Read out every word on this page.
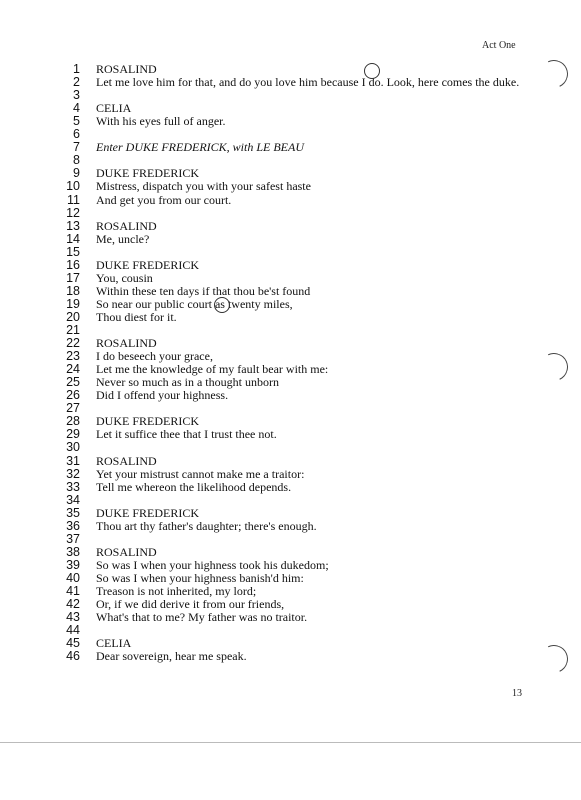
Act One
1 ROSALIND
2 Let me love him for that, and do you love him because I do. Look, here comes the duke.
3
4 CELIA
5 With his eyes full of anger.
6
7 Enter DUKE FREDERICK, with LE BEAU
8
9 DUKE FREDERICK
10 Mistress, dispatch you with your safest haste
11 And get you from our court.
12
13 ROSALIND
14 Me, uncle?
15
16 DUKE FREDERICK
17 You, cousin
18 Within these ten days if that thou be'st found
19 So near our public court as twenty miles,
20 Thou diest for it.
21
22 ROSALIND
23 I do beseech your grace,
24 Let me the knowledge of my fault bear with me:
25 Never so much as in a thought unborn
26 Did I offend your highness.
27
28 DUKE FREDERICK
29 Let it suffice thee that I trust thee not.
30
31 ROSALIND
32 Yet your mistrust cannot make me a traitor:
33 Tell me whereon the likelihood depends.
34
35 DUKE FREDERICK
36 Thou art thy father's daughter; there's enough.
37
38 ROSALIND
39 So was I when your highness took his dukedom;
40 So was I when your highness banish'd him:
41 Treason is not inherited, my lord;
42 Or, if we did derive it from our friends,
43 What's that to me? My father was no traitor.
44
45 CELIA
46 Dear sovereign, hear me speak.
13
